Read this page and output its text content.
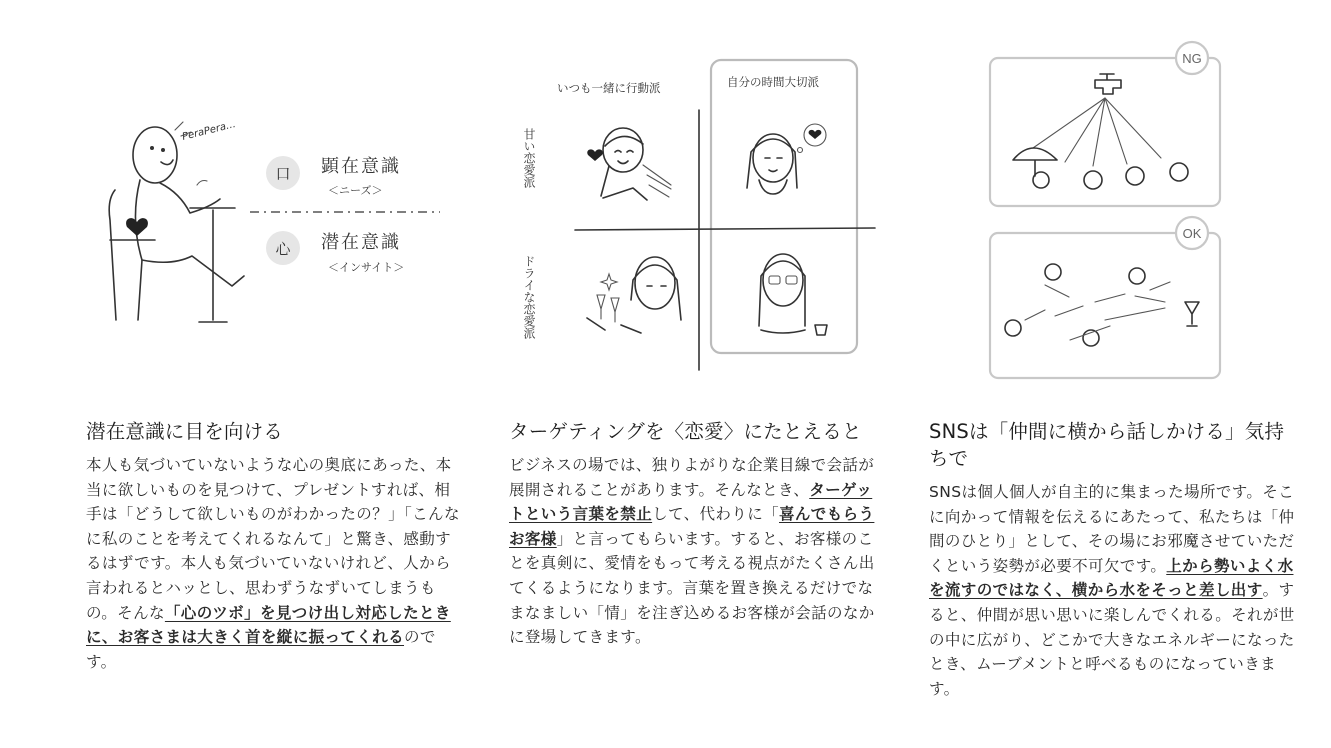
PeraPera…
口 顕在意識
＜ニーズ＞
心 潜在意識
＜インサイト＞
いつも一緒に行動派	自分の時間大切派
甘い恋愛派
ドライな恋愛派
NG
OK
潜在意識に目を向ける

本人も気づいていないような心の奥底にあった、本当に欲しいものを見つけて、プレゼントすれば、相手は「どうして欲しいものがわかったの？」「こんなに私のことを考えてくれるなんて」と驚き、感動するはずです。本人も気づいていないけれど、人から言われるとハッとし、思わずうなずいてしまうもの。そんな「心のツボ」を見つけ出し対応したときに、お客さまは大きく首を縦に振ってくれるのです。

ターゲティングを〈恋愛〉にたとえると

ビジネスの場では、独りよがりな企業目線で会話が展開されることがあります。そんなとき、ターゲットという言葉を禁止して、代わりに「喜んでもらうお客様」と言ってもらいます。すると、お客様のことを真剣に、愛情をもって考える視点がたくさん出てくるようになります。言葉を置き換えるだけでなまなましい「情」を注ぎ込めるお客様が会話のなかに登場してきます。

SNSは「仲間に横から話しかける」気持ちで

SNSは個人個人が自主的に集まった場所です。そこに向かって情報を伝えるにあたって、私たちは「仲間のひとり」として、その場にお邪魔させていただくという姿勢が必要不可欠です。上から勢いよく水を流すのではなく、横から水をそっと差し出す。すると、仲間が思い思いに楽しんでくれる。それが世の中に広がり、どこかで大きなエネルギーになったとき、ムーブメントと呼べるものになっていきます。
